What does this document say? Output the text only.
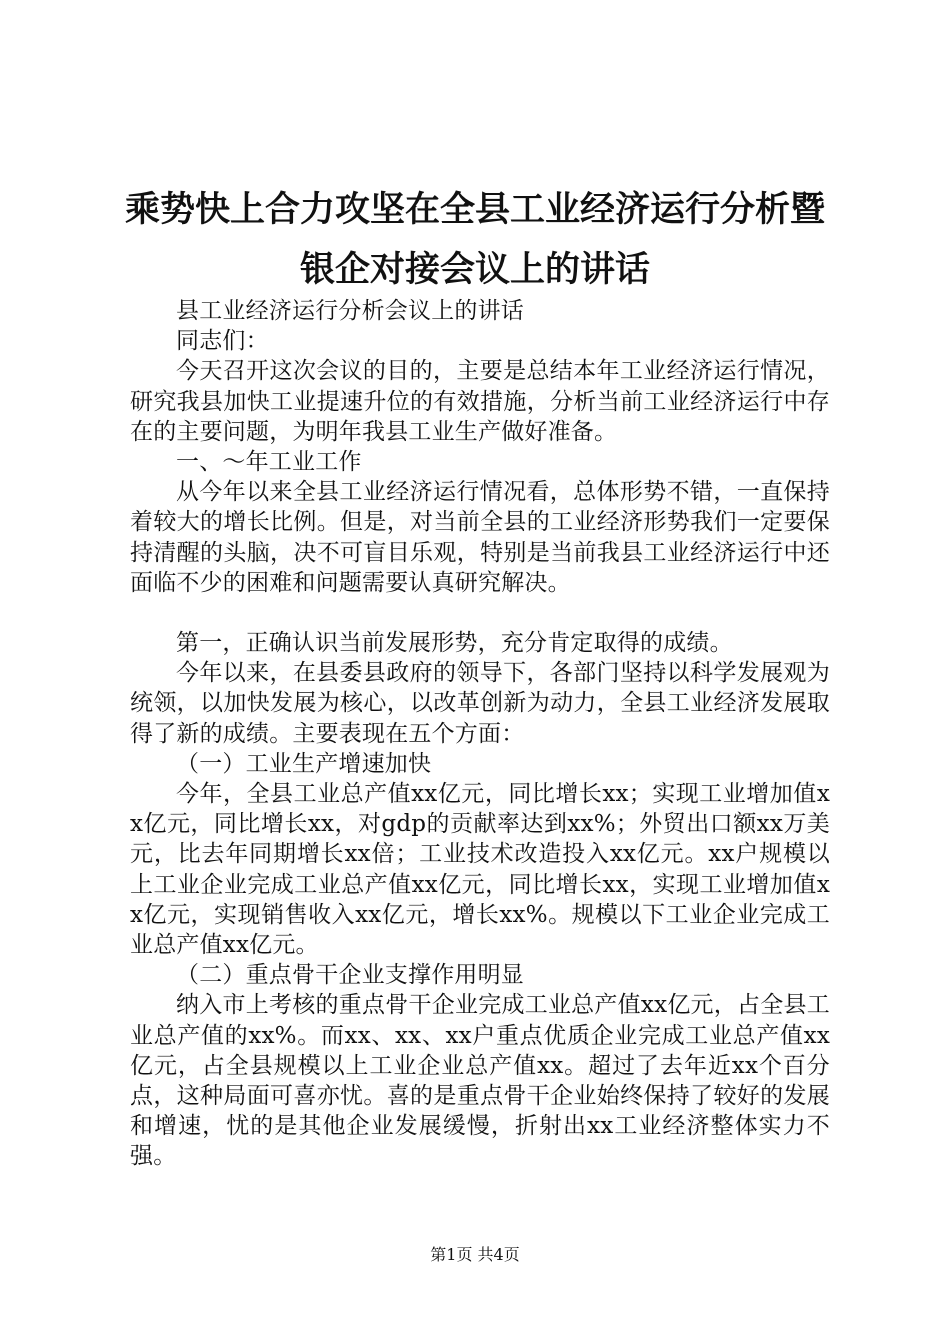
乘势快上合力攻坚在全县工业经济运行分析暨
银企对接会议上的讲话

县工业经济运行分析会议上的讲话

同志们：

今天召开这次会议的目的，主要是总结本年工业经济运行情况，研究我县加快工业提速升位的有效措施，分析当前工业经济运行中存在的主要问题，为明年我县工业生产做好准备。

一、～年工业工作

从今年以来全县工业经济运行情况看，总体形势不错，一直保持着较大的增长比例。但是，对当前全县的工业经济形势我们一定要保持清醒的头脑，决不可盲目乐观，特别是当前我县工业经济运行中还面临不少的困难和问题需要认真研究解决。

第一，正确认识当前发展形势，充分肯定取得的成绩。

今年以来，在县委县政府的领导下，各部门坚持以科学发展观为统领，以加快发展为核心，以改革创新为动力，全县工业经济发展取得了新的成绩。主要表现在五个方面：

（一）工业生产增速加快

今年，全县工业总产值xx亿元，同比增长xx；实现工业增加值xx亿元，同比增长xx，对gdp的贡献率达到xx%；外贸出口额xx万美元，比去年同期增长xx倍；工业技术改造投入xx亿元。xx户规模以上工业企业完成工业总产值xx亿元，同比增长xx，实现工业增加值xx亿元，实现销售收入xx亿元，增长xx%。规模以下工业企业完成工业总产值xx亿元。

（二）重点骨干企业支撑作用明显

纳入市上考核的重点骨干企业完成工业总产值xx亿元，占全县工业总产值的xx%。而xx、xx、xx户重点优质企业完成工业总产值xx亿元，占全县规模以上工业企业总产值xx。超过了去年近xx个百分点，这种局面可喜亦忧。喜的是重点骨干企业始终保持了较好的发展和增速，忧的是其他企业发展缓慢，折射出xx工业经济整体实力不强。

第1页 共4页
